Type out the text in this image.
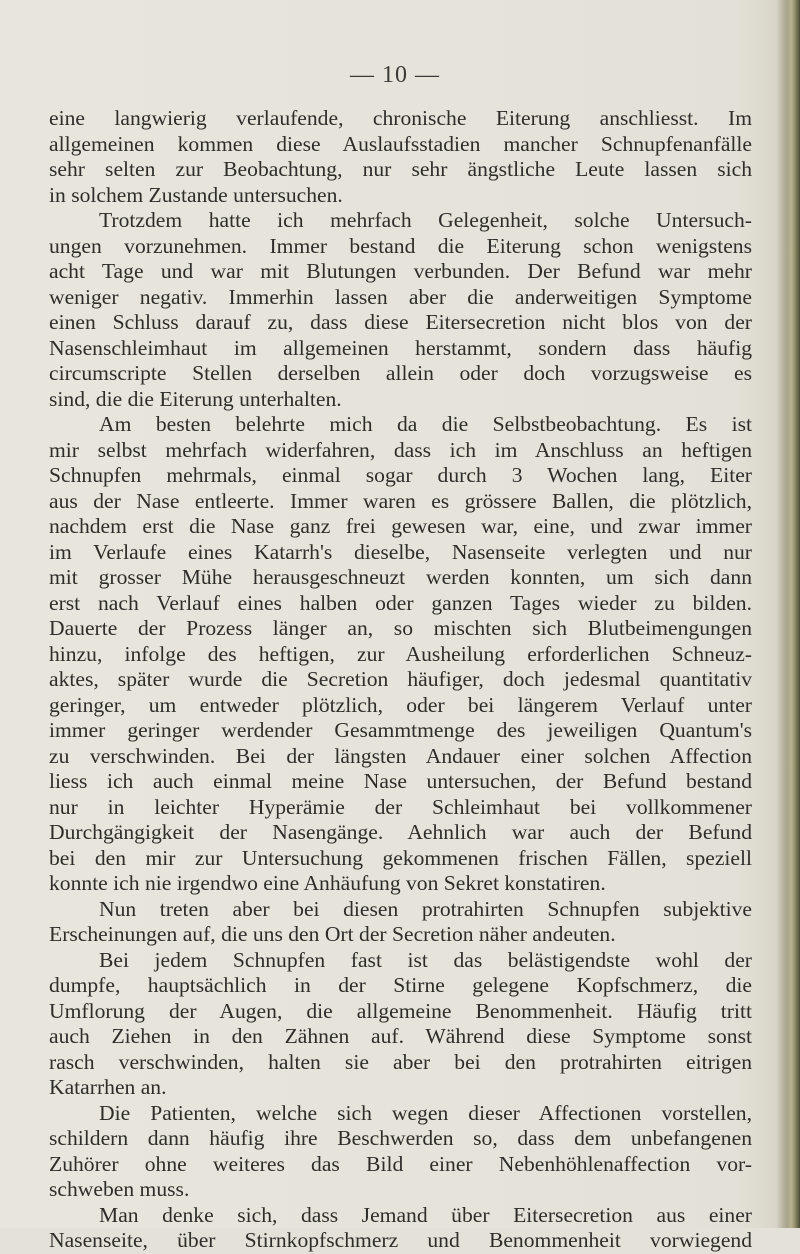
— 10 —
eine langwierig verlaufende, chronische Eiterung anschliesst. Im
allgemeinen kommen diese Auslaufsstadien mancher Schnupfenanfälle
sehr selten zur Beobachtung, nur sehr ängstliche Leute lassen sich
in solchem Zustande untersuchen.
Trotzdem hatte ich mehrfach Gelegenheit, solche Untersuch-
ungen vorzunehmen. Immer bestand die Eiterung schon wenigstens
acht Tage und war mit Blutungen verbunden. Der Befund war mehr
weniger negativ. Immerhin lassen aber die anderweitigen Symptome
einen Schluss darauf zu, dass diese Eitersecretion nicht blos von der
Nasenschleimhaut im allgemeinen herstammt, sondern dass häufig
circumscripte Stellen derselben allein oder doch vorzugsweise es
sind, die die Eiterung unterhalten.
Am besten belehrte mich da die Selbstbeobachtung. Es ist
mir selbst mehrfach widerfahren, dass ich im Anschluss an heftigen
Schnupfen mehrmals, einmal sogar durch 3 Wochen lang, Eiter
aus der Nase entleerte. Immer waren es grössere Ballen, die plötzlich,
nachdem erst die Nase ganz frei gewesen war, eine, und zwar immer
im Verlaufe eines Katarrh's dieselbe, Nasenseite verlegten und nur
mit grosser Mühe herausgeschneuzt werden konnten, um sich dann
erst nach Verlauf eines halben oder ganzen Tages wieder zu bilden.
Dauerte der Prozess länger an, so mischten sich Blutbeimengungen
hinzu, infolge des heftigen, zur Ausheilung erforderlichen Schneuz-
aktes, später wurde die Secretion häufiger, doch jedesmal quantitativ
geringer, um entweder plötzlich, oder bei längerem Verlauf unter
immer geringer werdender Gesammtmenge des jeweiligen Quantum's
zu verschwinden. Bei der längsten Andauer einer solchen Affection
liess ich auch einmal meine Nase untersuchen, der Befund bestand
nur in leichter Hyperämie der Schleimhaut bei vollkommener
Durchgängigkeit der Nasengänge. Aehnlich war auch der Befund
bei den mir zur Untersuchung gekommenen frischen Fällen, speziell
konnte ich nie irgendwo eine Anhäufung von Sekret konstatiren.
Nun treten aber bei diesen protrahirten Schnupfen subjektive
Erscheinungen auf, die uns den Ort der Secretion näher andeuten.
Bei jedem Schnupfen fast ist das belästigendste wohl der
dumpfe, hauptsächlich in der Stirne gelegene Kopfschmerz, die
Umflorung der Augen, die allgemeine Benommenheit. Häufig tritt
auch Ziehen in den Zähnen auf. Während diese Symptome sonst
rasch verschwinden, halten sie aber bei den protrahirten eitrigen
Katarrhen an.
Die Patienten, welche sich wegen dieser Affectionen vorstellen,
schildern dann häufig ihre Beschwerden so, dass dem unbefangenen
Zuhörer ohne weiteres das Bild einer Nebenhöhlenaffection vor-
schweben muss.
Man denke sich, dass Jemand über Eitersecretion aus einer
Nasenseite, über Stirnkopfschmerz und Benommenheit vorwiegend
